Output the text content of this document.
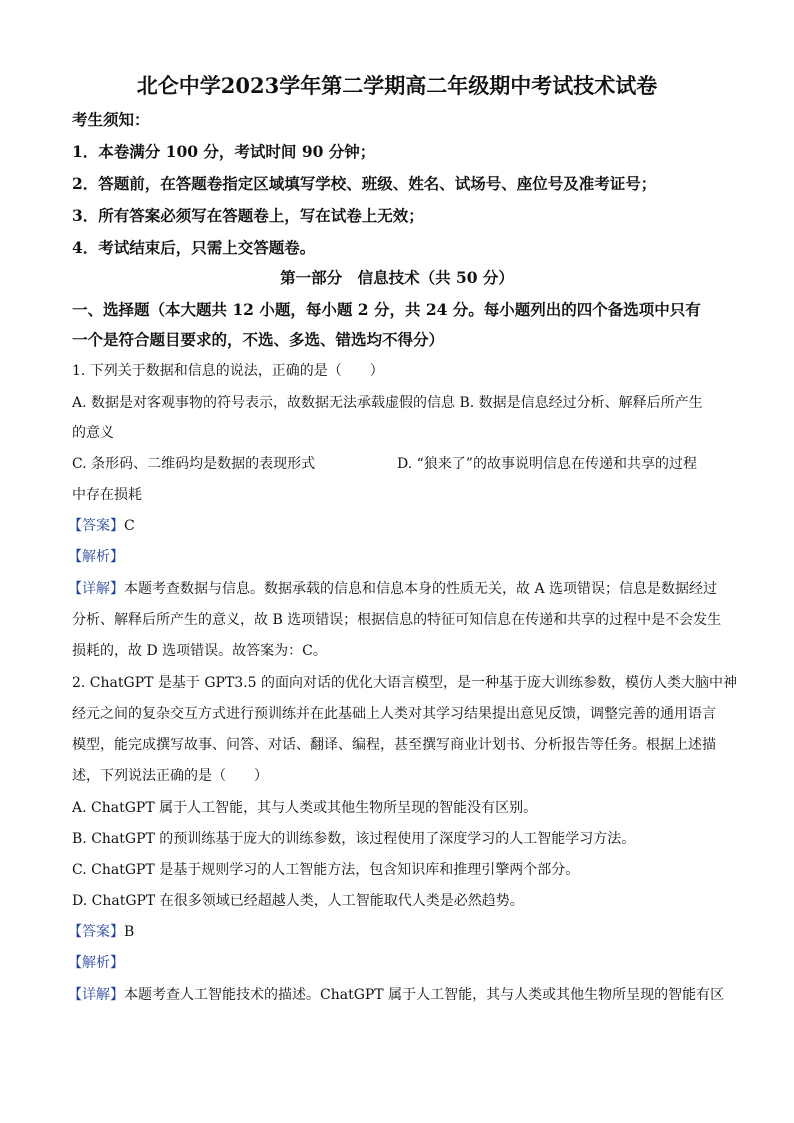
北仑中学2023学年第二学期高二年级期中考试技术试卷
考生须知：
1．本卷满分 100 分，考试时间 90 分钟；
2．答题前，在答题卷指定区域填写学校、班级、姓名、试场号、座位号及准考证号；
3．所有答案必须写在答题卷上，写在试卷上无效；
4．考试结束后，只需上交答题卷。
第一部分　信息技术（共 50 分）
一、选择题（本大题共 12 小题，每小题 2 分，共 24 分。每小题列出的四个备选项中只有
一个是符合题目要求的，不选、多选、错选均不得分）
1. 下列关于数据和信息的说法，正确的是（　　）
A. 数据是对客观事物的符号表示，故数据无法承载虚假的信息 B. 数据是信息经过分析、解释后所产生
的意义
C. 条形码、二维码均是数据的表现形式	D. “狼来了”的故事说明信息在传递和共享的过程
中存在损耗
【答案】C
【解析】
【详解】本题考查数据与信息。数据承载的信息和信息本身的性质无关，故 A 选项错误；信息是数据经过
分析、解释后所产生的意义，故 B 选项错误；根据信息的特征可知信息在传递和共享的过程中是不会发生
损耗的，故 D 选项错误。故答案为：C。
2. ChatGPT 是基于 GPT3.5 的面向对话的优化大语言模型，是一种基于庞大训练参数，模仿人类大脑中神
经元之间的复杂交互方式进行预训练并在此基础上人类对其学习结果提出意见反馈，调整完善的通用语言
模型，能完成撰写故事、问答、对话、翻译、编程，甚至撰写商业计划书、分析报告等任务。根据上述描
述，下列说法正确的是（　　）
A. ChatGPT 属于人工智能，其与人类或其他生物所呈现的智能没有区别。
B. ChatGPT 的预训练基于庞大的训练参数，该过程使用了深度学习的人工智能学习方法。
C. ChatGPT 是基于规则学习的人工智能方法，包含知识库和推理引擎两个部分。
D. ChatGPT 在很多领域已经超越人类，人工智能取代人类是必然趋势。
【答案】B
【解析】
【详解】本题考查人工智能技术的描述。ChatGPT 属于人工智能，其与人类或其他生物所呈现的智能有区
